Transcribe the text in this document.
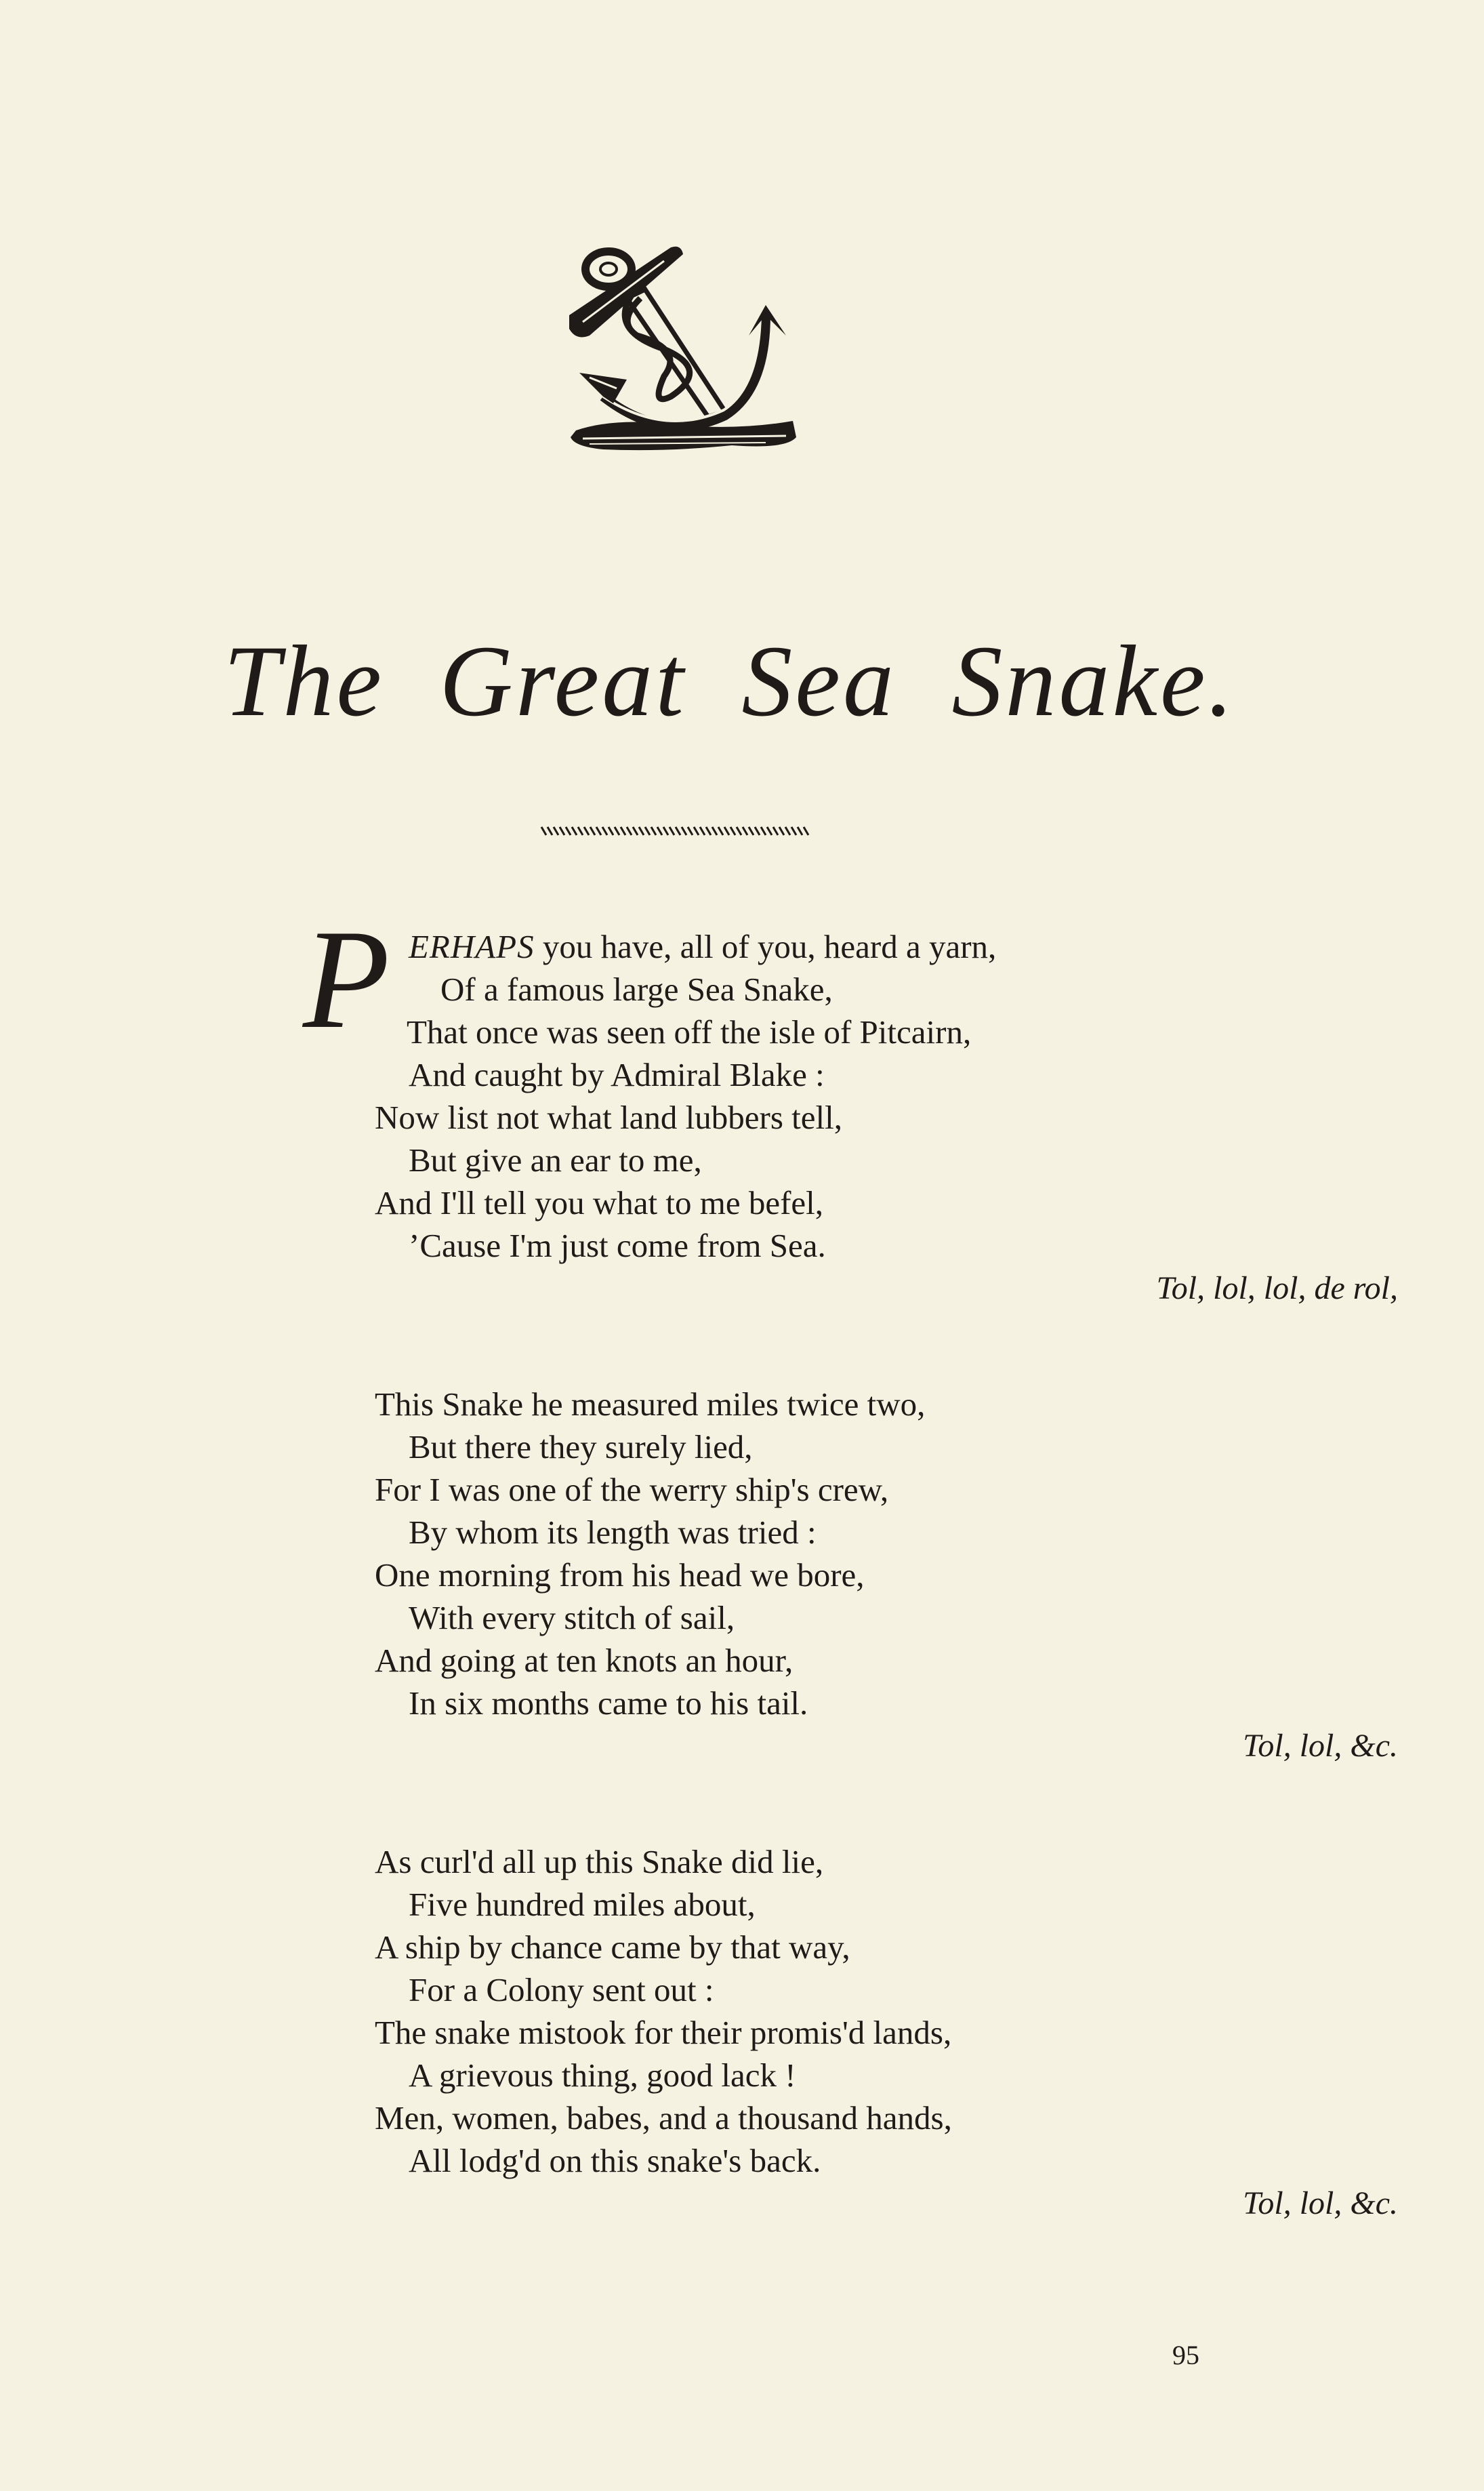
The Great Sea Snake.
P ERHAPS you have, all of you, heard a yarn,
Of a famous large Sea Snake,
That once was seen off the isle of Pitcairn,
And caught by Admiral Blake :
Now list not what land lubbers tell,
But give an ear to me,
And I'll tell you what to me befel,
’Cause I'm just come from Sea.
Tol, lol, lol, de rol,
This Snake he measured miles twice two,
But there they surely lied,
For I was one of the werry ship's crew,
By whom its length was tried :
One morning from his head we bore,
With every stitch of sail,
And going at ten knots an hour,
In six months came to his tail.
Tol, lol, &c.
As curl'd all up this Snake did lie,
Five hundred miles about,
A ship by chance came by that way,
For a Colony sent out :
The snake mistook for their promis'd lands,
A grievous thing, good lack !
Men, women, babes, and a thousand hands,
All lodg'd on this snake's back.
Tol, lol, &c.
95
